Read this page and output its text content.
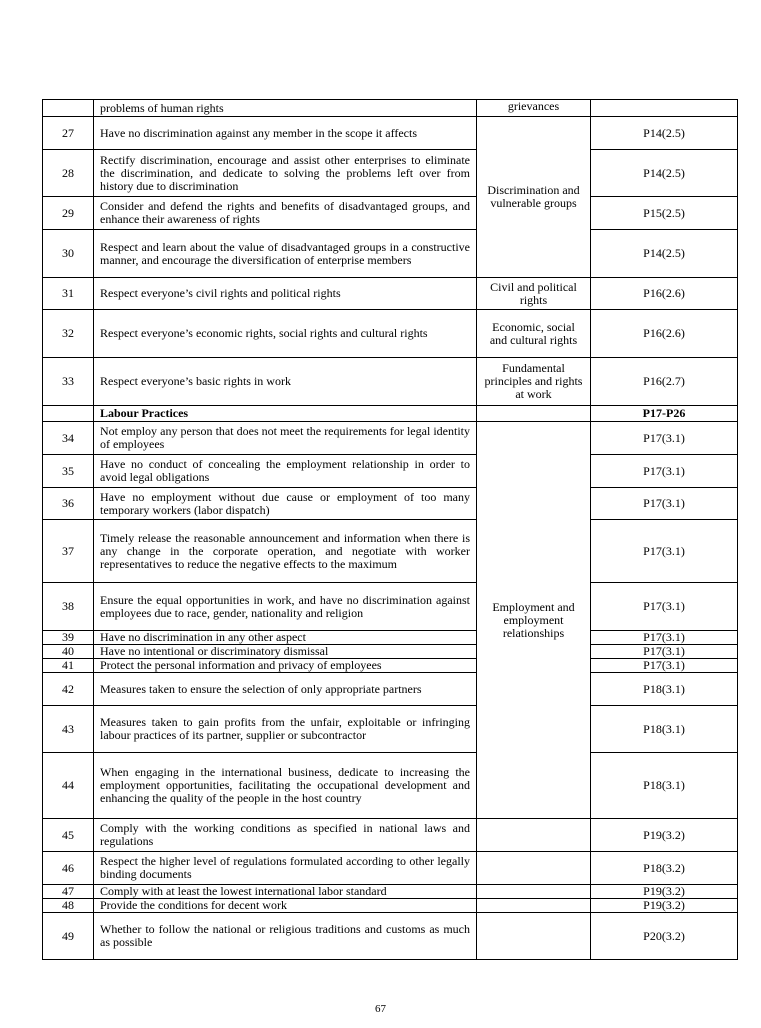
	problems of human rights	grievances	
27	Have no discrimination against any member in the scope it affects	Discrimination and vulnerable groups	P14(2.5)
28	Rectify discrimination, encourage and assist other enterprises to eliminate the discrimination, and dedicate to solving the problems left over from history due to discrimination		P14(2.5)
29	Consider and defend the rights and benefits of disadvantaged groups, and enhance their awareness of rights		P15(2.5)
30	Respect and learn about the value of disadvantaged groups in a constructive manner, and encourage the diversification of enterprise members		P14(2.5)
31	Respect everyone’s civil rights and political rights	Civil and political rights	P16(2.6)
32	Respect everyone’s economic rights, social rights and cultural rights	Economic, social and cultural rights	P16(2.6)
33	Respect everyone’s basic rights in work	Fundamental principles and rights at work	P16(2.7)
	Labour Practices		P17-P26
34	Not employ any person that does not meet the requirements for legal identity of employees	Employment and employment relationships	P17(3.1)
35	Have no conduct of concealing the employment relationship in order to avoid legal obligations		P17(3.1)
36	Have no employment without due cause or employment of too many temporary workers (labor dispatch)		P17(3.1)
37	Timely release the reasonable announcement and information when there is any change in the corporate operation, and negotiate with worker representatives to reduce the negative effects to the maximum		P17(3.1)
38	Ensure the equal opportunities in work, and have no discrimination against employees due to race, gender, nationality and religion		P17(3.1)
39	Have no discrimination in any other aspect		P17(3.1)
40	Have no intentional or discriminatory dismissal		P17(3.1)
41	Protect the personal information and privacy of employees		P17(3.1)
42	Measures taken to ensure the selection of only appropriate partners		P18(3.1)
43	Measures taken to gain profits from the unfair, exploitable or infringing labour practices of its partner, supplier or subcontractor		P18(3.1)
44	When engaging in the international business, dedicate to increasing the employment opportunities, facilitating the occupational development and enhancing the quality of the people in the host country		P18(3.1)
45	Comply with the working conditions as specified in national laws and regulations		P19(3.2)
46	Respect the higher level of regulations formulated according to other legally binding documents		P18(3.2)
47	Comply with at least the lowest international labor standard		P19(3.2)
48	Provide the conditions for decent work		P19(3.2)
49	Whether to follow the national or religious traditions and customs as much as possible		P20(3.2)
67
